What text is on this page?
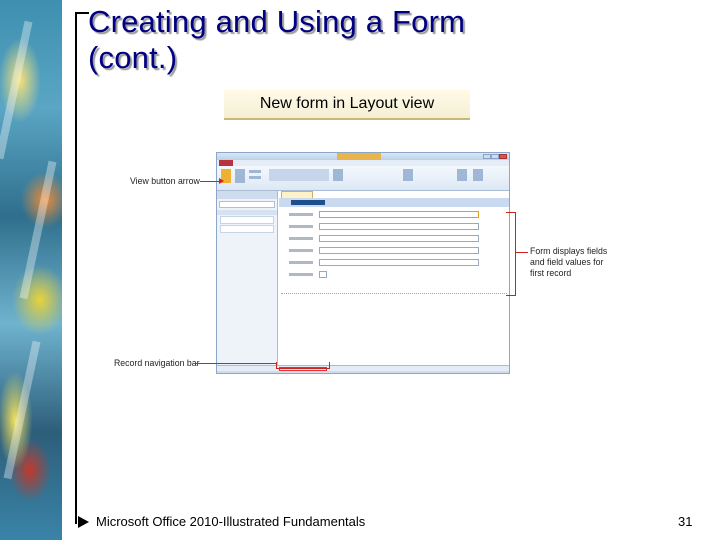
Creating and Using a Form
(cont.)
New form in Layout view
View button arrow
Form displays fields
and field values for
first record
Record navigation bar
Microsoft Office 2010-Illustrated Fundamentals	31
